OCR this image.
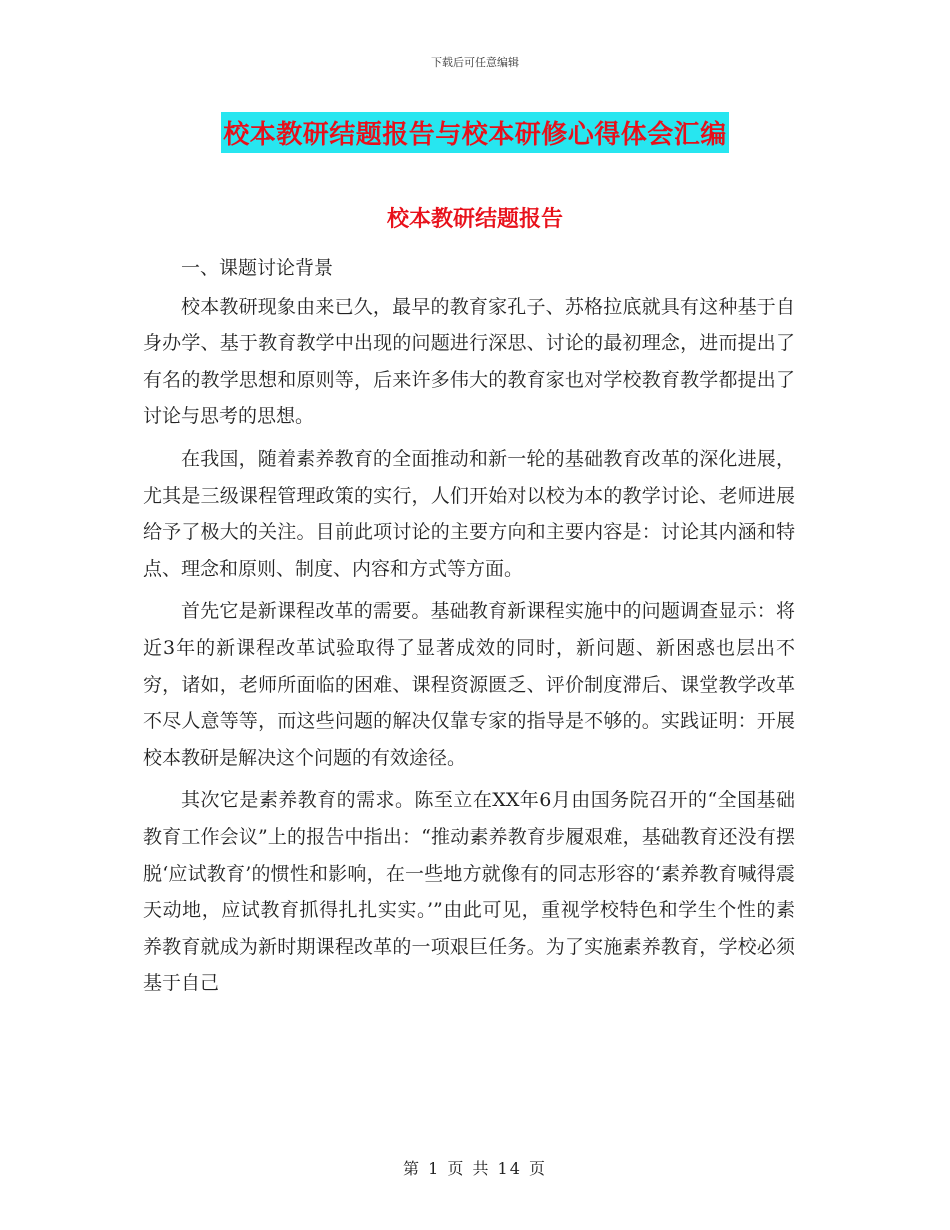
下载后可任意编辑
校本教研结题报告与校本研修心得体会汇编
校本教研结题报告
一、课题讨论背景

校本教研现象由来已久，最早的教育家孔子、苏格拉底就具有这种基于自身办学、基于教育教学中出现的问题进行深思、讨论的最初理念，进而提出了有名的教学思想和原则等，后来许多伟大的教育家也对学校教育教学都提出了讨论与思考的思想。

在我国，随着素养教育的全面推动和新一轮的基础教育改革的深化进展，尤其是三级课程管理政策的实行，人们开始对以校为本的教学讨论、老师进展给予了极大的关注。目前此项讨论的主要方向和主要内容是：讨论其内涵和特点、理念和原则、制度、内容和方式等方面。

首先它是新课程改革的需要。基础教育新课程实施中的问题调查显示：将近3年的新课程改革试验取得了显著成效的同时，新问题、新困惑也层出不穷，诸如，老师所面临的困难、课程资源匮乏、评价制度滞后、课堂教学改革不尽人意等等，而这些问题的解决仅靠专家的指导是不够的。实践证明：开展校本教研是解决这个问题的有效途径。

其次它是素养教育的需求。陈至立在XX年6月由国务院召开的“全国基础教育工作会议”上的报告中指出：“推动素养教育步履艰难，基础教育还没有摆脱‘应试教育’的惯性和影响，在一些地方就像有的同志形容的‘素养教育喊得震天动地，应试教育抓得扎扎实实。’”由此可见，重视学校特色和学生个性的素养教育就成为新时期课程改革的一项艰巨任务。为了实施素养教育，学校必须基于自己

第 1 页 共 14 页
